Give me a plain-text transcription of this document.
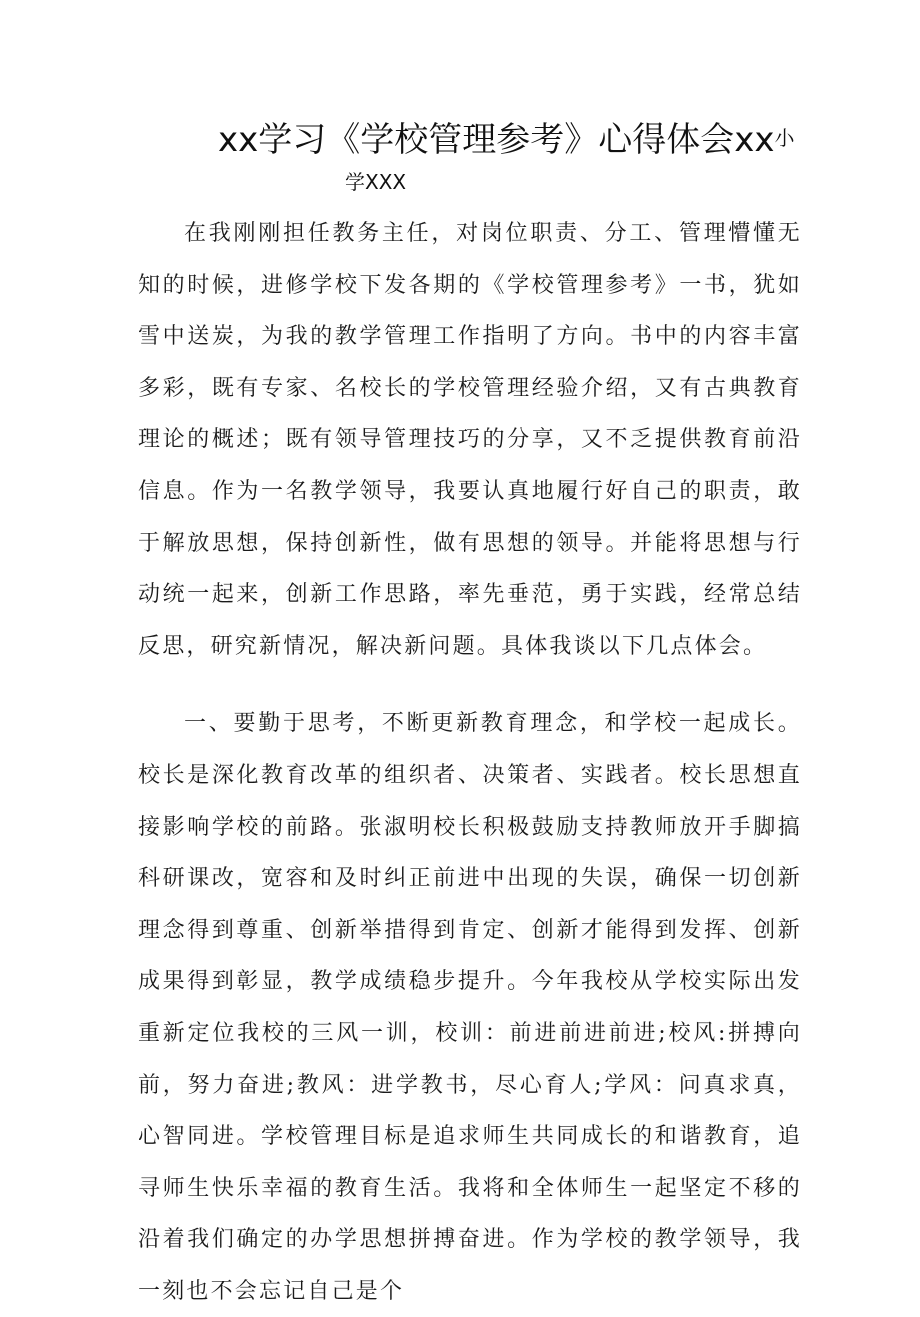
xx学习《学校管理参考》心得体会xx小
学XXX

在我刚刚担任教务主任，对岗位职责、分工、管理懵懂无知的时候，进修学校下发各期的《学校管理参考》一书，犹如雪中送炭，为我的教学管理工作指明了方向。书中的内容丰富多彩，既有专家、名校长的学校管理经验介绍，又有古典教育理论的概述；既有领导管理技巧的分享，又不乏提供教育前沿信息。作为一名教学领导，我要认真地履行好自己的职责，敢于解放思想，保持创新性，做有思想的领导。并能将思想与行动统一起来，创新工作思路，率先垂范，勇于实践，经常总结反思，研究新情况，解决新问题。具体我谈以下几点体会。

一、要勤于思考，不断更新教育理念，和学校一起成长。校长是深化教育改革的组织者、决策者、实践者。校长思想直接影响学校的前路。张淑明校长积极鼓励支持教师放开手脚搞科研课改，宽容和及时纠正前进中出现的失误，确保一切创新理念得到尊重、创新举措得到肯定、创新才能得到发挥、创新成果得到彰显，教学成绩稳步提升。今年我校从学校实际出发重新定位我校的三风一训，校训：前进前进前进;校风:拼搏向前，努力奋进;教风：进学教书，尽心育人;学风：问真求真，心智同进。学校管理目标是追求师生共同成长的和谐教育，追寻师生快乐幸福的教育生活。我将和全体师生一起坚定不移的沿着我们确定的办学思想拼搏奋进。作为学校的教学领导，我一刻也不会忘记自己是个
